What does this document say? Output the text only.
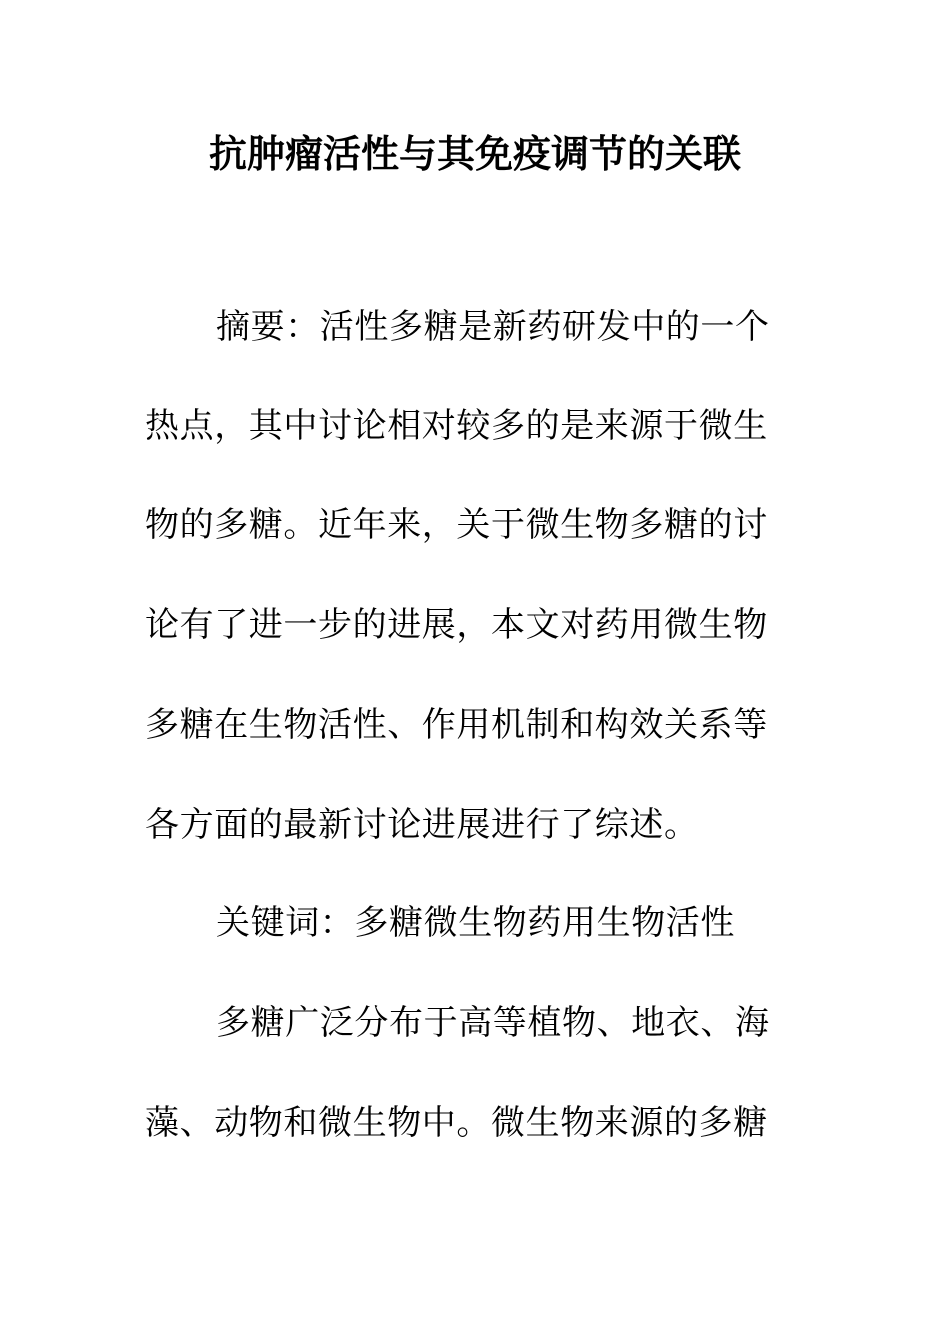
抗肿瘤活性与其免疫调节的关联
摘要：活性多糖是新药研发中的一个
热点，其中讨论相对较多的是来源于微生
物的多糖。近年来，关于微生物多糖的讨
论有了进一步的进展，本文对药用微生物
多糖在生物活性、作用机制和构效关系等
各方面的最新讨论进展进行了综述。
关键词：多糖微生物药用生物活性
多糖广泛分布于高等植物、地衣、海
藻、动物和微生物中。微生物来源的多糖
